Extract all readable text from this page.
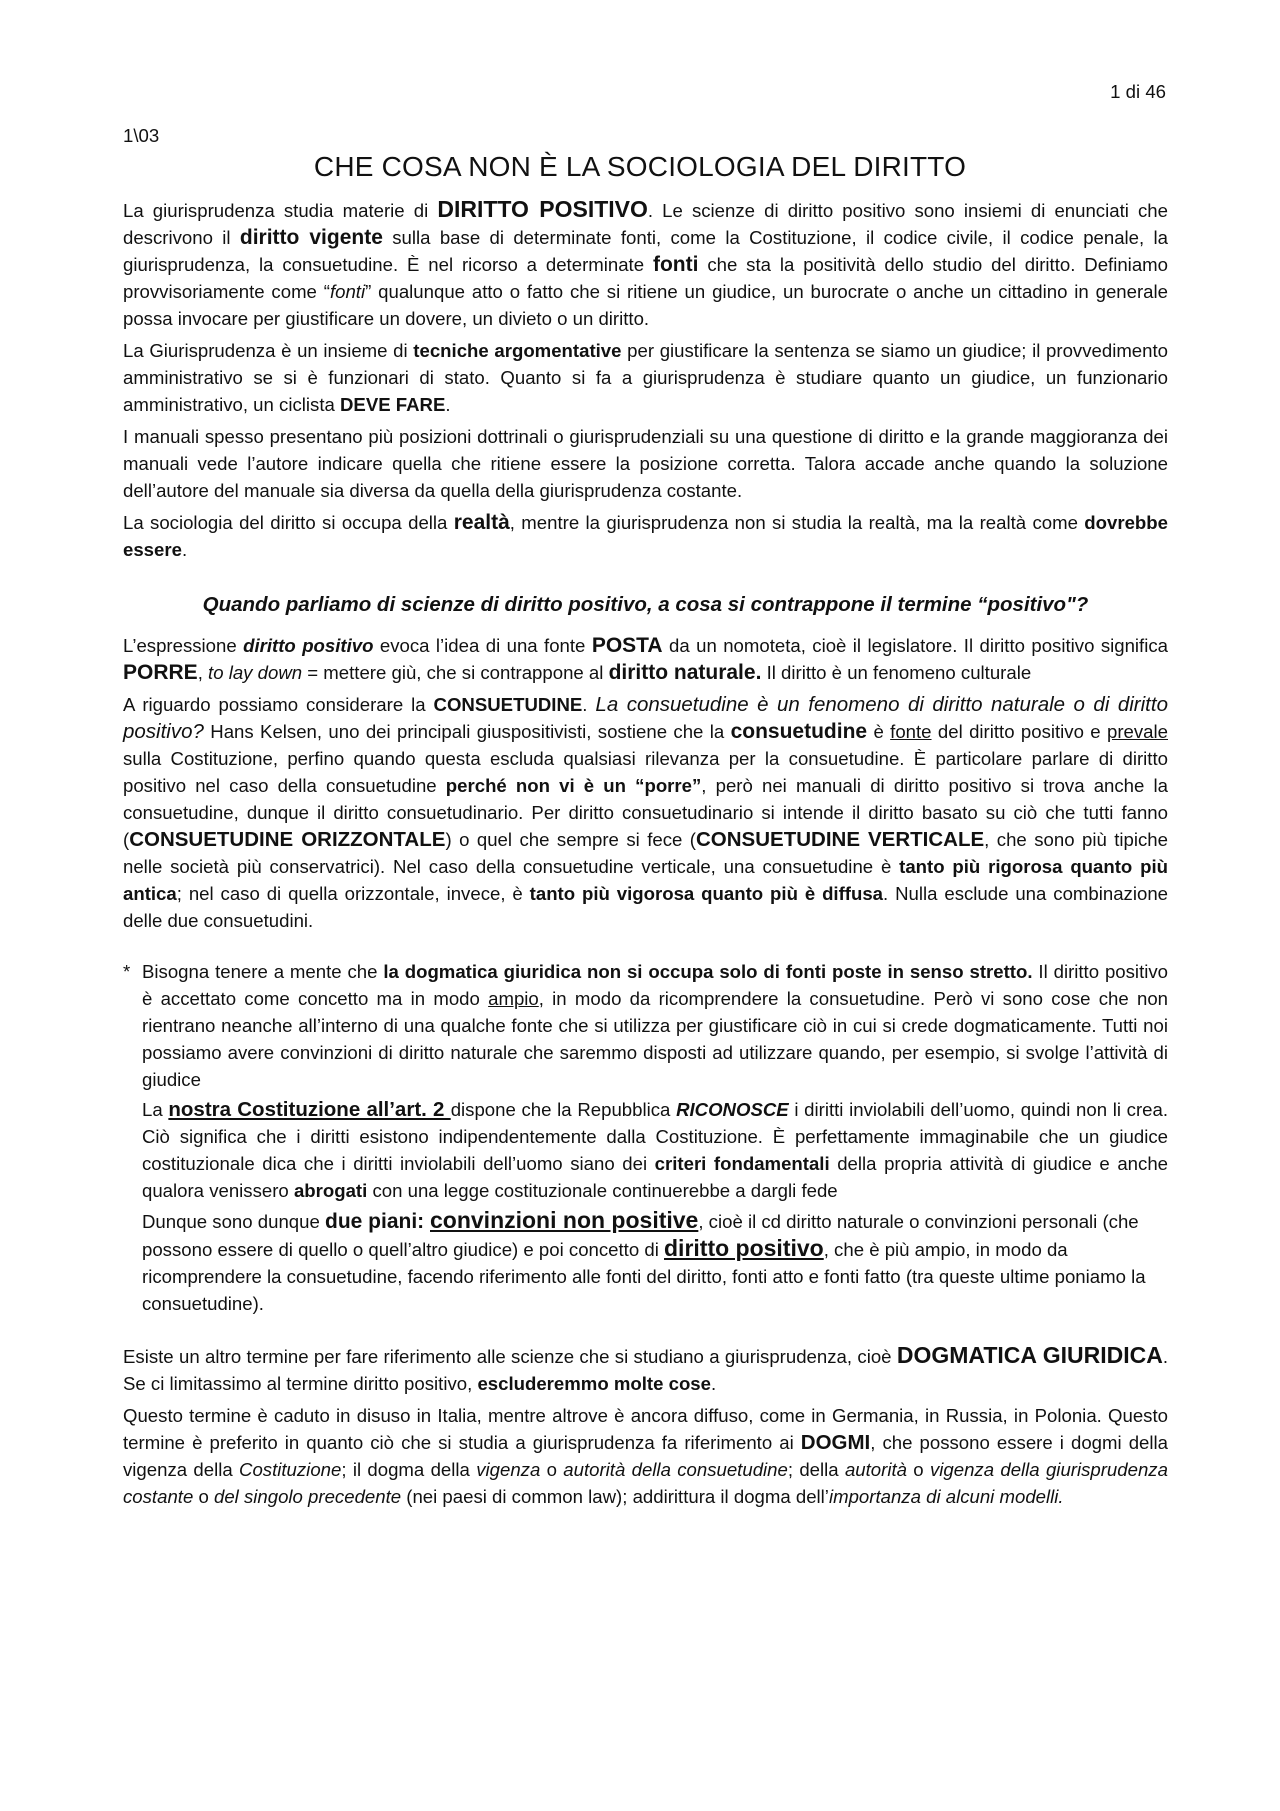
1 di 46
1\03
CHE COSA NON È LA SOCIOLOGIA DEL DIRITTO

La giurisprudenza studia materie di DIRITTO POSITIVO. Le scienze di diritto positivo sono insiemi di enunciati che descrivono il diritto vigente sulla base di determinate fonti, come la Costituzione, il codice civile, il codice penale, la giurisprudenza, la consuetudine. È nel ricorso a determinate fonti che sta la positività dello studio del diritto. Definiamo provvisoriamente come “fonti” qualunque atto o fatto che si ritiene un giudice, un burocrate o anche un cittadino in generale possa invocare per giustificare un dovere, un divieto o un diritto.

La Giurisprudenza è un insieme di tecniche argomentative per giustificare la sentenza se siamo un giudice; il provvedimento amministrativo se si è funzionari di stato. Quanto si fa a giurisprudenza è studiare quanto un giudice, un funzionario amministrativo, un ciclista DEVE FARE.

I manuali spesso presentano più posizioni dottrinali o giurisprudenziali su una questione di diritto e la grande maggioranza dei manuali vede l’autore indicare quella che ritiene essere la posizione corretta. Talora accade anche quando la soluzione dell’autore del manuale sia diversa da quella della giurisprudenza costante.

La sociologia del diritto si occupa della realtà, mentre la giurisprudenza non si studia la realtà, ma la realtà come dovrebbe essere.

Quando parliamo di scienze di diritto positivo, a cosa si contrappone il termine “positivo"?

L’espressione diritto positivo evoca l’idea di una fonte POSTA da un nomoteta, cioè il legislatore. Il diritto positivo significa PORRE, to lay down = mettere giù, che si contrappone al diritto naturale. Il diritto è un fenomeno culturale

A riguardo possiamo considerare la CONSUETUDINE. La consuetudine è un fenomeno di diritto naturale o di diritto positivo? Hans Kelsen, uno dei principali giuspositivisti, sostiene che la consuetudine è fonte del diritto positivo e prevale sulla Costituzione, perfino quando questa escluda qualsiasi rilevanza per la consuetudine. È particolare parlare di diritto positivo nel caso della consuetudine perché non vi è un “porre”, però nei manuali di diritto positivo si trova anche la consuetudine, dunque il diritto consuetudinario. Per diritto consuetudinario si intende il diritto basato su ciò che tutti fanno (CONSUETUDINE ORIZZONTALE) o quel che sempre si fece (CONSUETUDINE VERTICALE, che sono più tipiche nelle società più conservatrici). Nel caso della consuetudine verticale, una consuetudine è tanto più rigorosa quanto più antica; nel caso di quella orizzontale, invece, è tanto più vigorosa quanto più è diffusa. Nulla esclude una combinazione delle due consuetudini.

* Bisogna tenere a mente che la dogmatica giuridica non si occupa solo di fonti poste in senso stretto. Il diritto positivo è accettato come concetto ma in modo ampio, in modo da ricomprendere la consuetudine. Però vi sono cose che non rientrano neanche all’interno di una qualche fonte che si utilizza per giustificare ciò in cui si crede dogmaticamente. Tutti noi possiamo avere convinzioni di diritto naturale che saremmo disposti ad utilizzare quando, per esempio, si svolge l’attività di giudice

La nostra Costituzione all’art. 2 dispone che la Repubblica RICONOSCE i diritti inviolabili dell’uomo, quindi non li crea. Ciò significa che i diritti esistono indipendentemente dalla Costituzione. È perfettamente immaginabile che un giudice costituzionale dica che i diritti inviolabili dell’uomo siano dei criteri fondamentali della propria attività di giudice e anche qualora venissero abrogati con una legge costituzionale continuerebbe a dargli fede

Dunque sono dunque due piani: convinzioni non positive, cioè il cd diritto naturale o convinzioni personali (che possono essere di quello o quell’altro giudice) e poi concetto di diritto positivo, che è più ampio, in modo da ricomprendere la consuetudine, facendo riferimento alle fonti del diritto, fonti atto e fonti fatto (tra queste ultime poniamo la consuetudine).

Esiste un altro termine per fare riferimento alle scienze che si studiano a giurisprudenza, cioè DOGMATICA GIURIDICA. Se ci limitassimo al termine diritto positivo, escluderemmo molte cose.

Questo termine è caduto in disuso in Italia, mentre altrove è ancora diffuso, come in Germania, in Russia, in Polonia. Questo termine è preferito in quanto ciò che si studia a giurisprudenza fa riferimento ai DOGMI, che possono essere i dogmi della vigenza della Costituzione; il dogma della vigenza o autorità della consuetudine; della autorità o vigenza della giurisprudenza costante o del singolo precedente (nei paesi di common law); addirittura il dogma dell’importanza di alcuni modelli.
